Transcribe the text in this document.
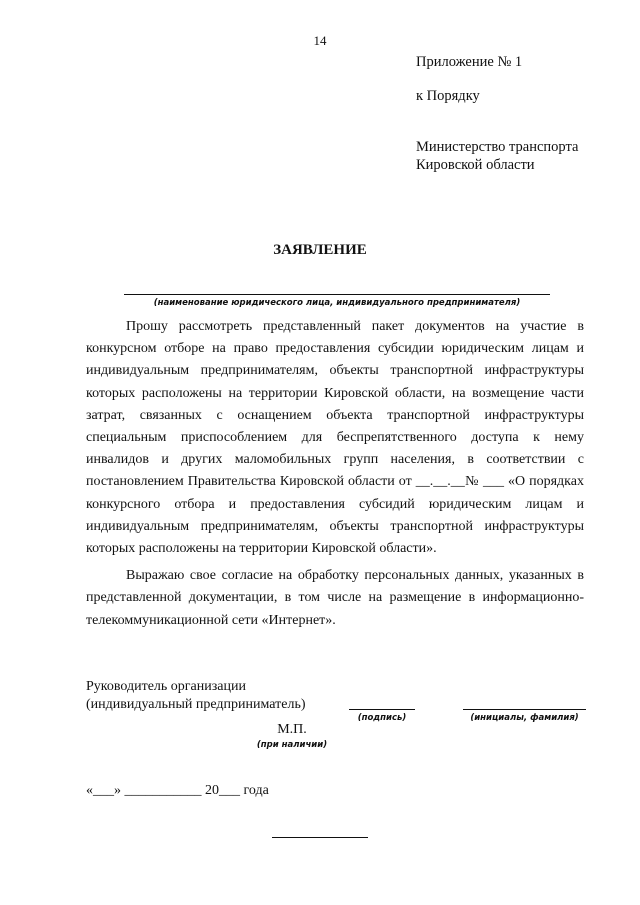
14
Приложение № 1
к Порядку
Министерство транспорта
Кировской области
ЗАЯВЛЕНИЕ
(наименование юридического лица, индивидуального предпринимателя)

Прошу рассмотреть представленный пакет документов на участие в конкурсном отборе на право предоставления субсидии юридическим лицам и индивидуальным предпринимателям, объекты транспортной инфраструктуры которых расположены на территории Кировской области, на возмещение части затрат, связанных с оснащением объекта транспортной инфраструктуры специальным приспособлением для беспрепятственного доступа к нему инвалидов и других маломобильных групп населения, в соответствии с постановлением Правительства Кировской области от __.__.__№ ___ «О порядках конкурсного отбора и предоставления субсидий юридическим лицам и индивидуальным предпринимателям, объекты транспортной инфраструктуры которых расположены на территории Кировской области».

Выражаю свое согласие на обработку персональных данных, указанных в представленной документации, в том числе на размещение в информационно-телекоммуникационной сети «Интернет».

Руководитель организации
(индивидуальный предприниматель)
(подпись)	(инициалы, фамилия)
М.П.
(при наличии)
«___» ___________ 20___ года
